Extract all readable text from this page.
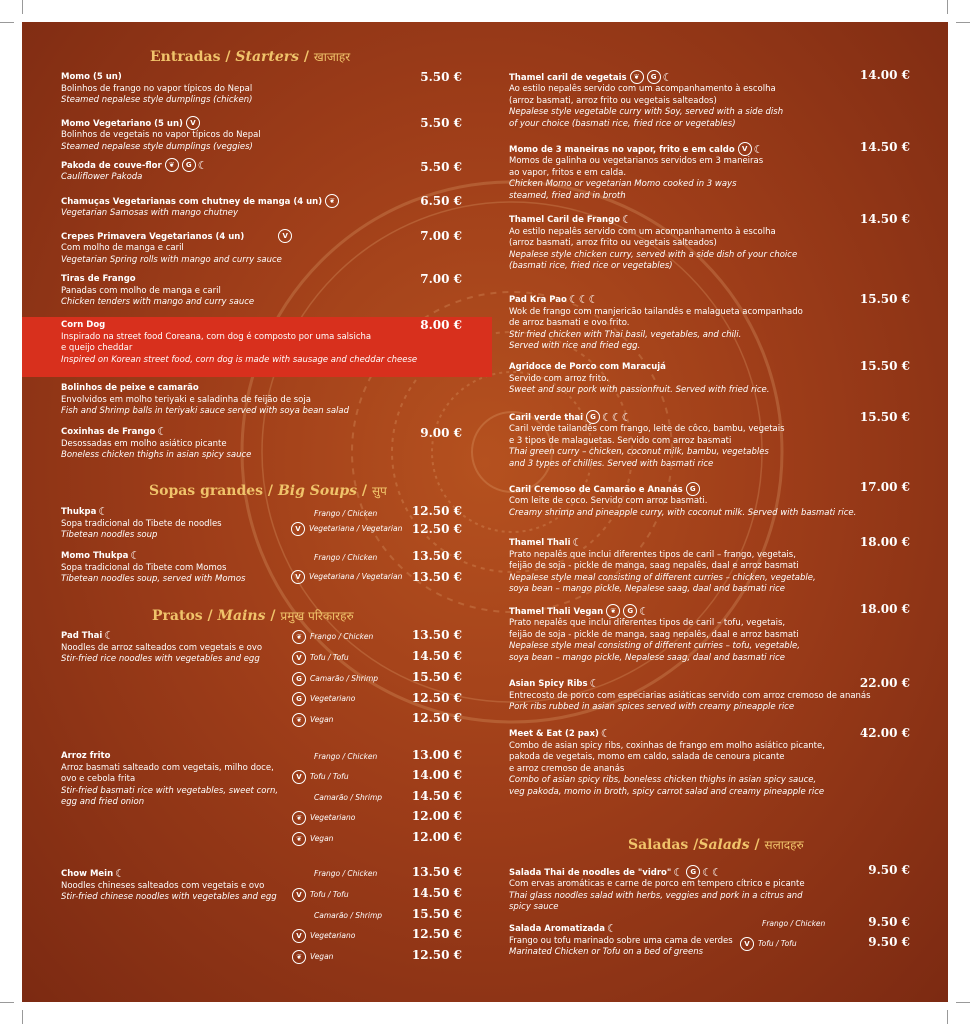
Entradas / Starters / खाजाहर
Momo (5 un)
Bolinhos de frango no vapor típicos do Nepal
Steamed nepalese style dumplings (chicken)
5.50 €
Momo Vegetariano (5 un) V
Bolinhos de vegetais no vapor típicos do Nepal
Steamed nepalese style dumplings (veggies)
5.50 €
Pakoda de couve-flor ❦ G ☾
Cauliflower Pakoda
5.50 €
Chamuças Vegetarianas com chutney de manga (4 un) ❦
Vegetarian Samosas with mango chutney
6.50 €
Crepes Primavera Vegetarianos (4 un)	V
Com molho de manga e caril
Vegetarian Spring rolls with mango and curry sauce
7.00 €
Tiras de Frango
Panadas com molho de manga e caril
Chicken tenders with mango and curry sauce
7.00 €
Corn Dog
Inspirado na street food Coreana, corn dog é composto por uma salsicha
e queijo cheddar
Inspired on Korean street food, corn dog is made with sausage and cheddar cheese
8.00 €
Bolinhos de peixe e camarão
Envolvidos em molho teriyaki e saladinha de feijão de soja
Fish and Shrimp balls in teriyaki sauce served with soya bean salad
Coxinhas de Frango ☾
Desossadas em molho asiático picante
Boneless chicken thighs in asian spicy sauce
9.00 €
Sopas grandes / Big Soups / सुप
Thukpa ☾
Sopa tradicional do Tibete de noodles
Tibetean noodles soup
Frango / Chicken	12.50 €
V Vegetariana / Vegetarian 12.50 €
Momo Thukpa ☾
Sopa tradicional do Tibete com Momos
Tibetean noodles soup, served with Momos
Frango / Chicken	13.50 €
V Vegetariana / Vegetarian 13.50 €
Pratos / Mains / प्रमुख परिकारहरु
Pad Thai ☾
Noodles de arroz salteados com vegetais e ovo
Stir-fried rice noodles with vegetables and egg
❦ Frango / Chicken	13.50 €
V Tofu / Tofu	14.50 €
G Camarão / Shrimp	15.50 €
G Vegetariano	12.50 €
❦ Vegan	12.50 €
Arroz frito
Arroz basmati salteado com vegetais, milho doce,
ovo e cebola frita
Stir-fried basmati rice with vegetables, sweet corn,
egg and fried onion
Frango / Chicken	13.00 €
V Tofu / Tofu	14.00 €
Camarão / Shrimp 14.50 €
❦ Vegetariano	12.00 €
❦ Vegan	12.00 €
Chow Mein ☾
Noodles chineses salteados com vegetais e ovo
Stir-fried chinese noodles with vegetables and egg
Frango / Chicken	13.50 €
V Tofu / Tofu	14.50 €
Camarão / Shrimp 15.50 €
V Vegetariano	12.50 €
❦ Vegan	12.50 €
Thamel caril de vegetais ❦ G ☾
Ao estilo nepalês servido com um acompanhamento à escolha
(arroz basmati, arroz frito ou vegetais salteados)
Nepalese style vegetable curry with Soy, served with a side dish
of your choice (basmati rice, fried rice or vegetables)
14.00 €
Momo de 3 maneiras no vapor, frito e em caldo V ☾
Momos de galinha ou vegetarianos servidos em 3 maneiras
ao vapor, fritos e em calda.
Chicken Momo or vegetarian Momo cooked in 3 ways
steamed, fried and in broth
14.50 €
Thamel Caril de Frango ☾
Ao estilo nepalês servido com um acompanhamento à escolha
(arroz basmati, arroz frito ou vegetais salteados)
Nepalese style chicken curry, served with a side dish of your choice
(basmati rice, fried rice or vegetables)
14.50 €
Pad Kra Pao ☾☾☾
Wok de frango com manjericão tailandês e malagueta acompanhado
de arroz basmati e ovo frito.
Stir fried chicken with Thai basil, vegetables, and chili.
Served with rice and fried egg.
15.50 €
Agridoce de Porco com Maracujá
Servido com arroz frito.
Sweet and sour pork with passionfruit. Served with fried rice.
15.50 €
Caril verde thai G ☾☾☾
Caril verde tailandês com frango, leite de côco, bambu, vegetais
e 3 tipos de malaguetas. Servido com arroz basmati
Thai green curry – chicken, coconut milk, bambu, vegetables
and 3 types of chillies. Served with basmati rice
15.50 €
Caril Cremoso de Camarão e Ananás G
Com leite de coco. Servido com arroz basmati.
Creamy shrimp and pineapple curry, with coconut milk. Served with basmati rice.
17.00 €
Thamel Thali ☾
Prato nepalês que inclui diferentes tipos de caril – frango, vegetais,
feijão de soja - pickle de manga, saag nepalês, daal e arroz basmati
Nepalese style meal consisting of different curries – chicken, vegetable,
soya bean – mango pickle, Nepalese saag, daal and basmati rice
18.00 €
Thamel Thali Vegan ❦ G ☾
Prato nepalês que inclui diferentes tipos de caril – tofu, vegetais,
feijão de soja - pickle de manga, saag nepalês, daal e arroz basmati
Nepalese style meal consisting of different curries – tofu, vegetable,
soya bean – mango pickle, Nepalese saag, daal and basmati rice
18.00 €
Asian Spicy Ribs ☾
Entrecosto de porco com especiarias asiáticas servido com arroz cremoso de ananás
Pork ribs rubbed in asian spices served with creamy pineapple rice
22.00 €
Meet & Eat (2 pax) ☾
Combo de asian spicy ribs, coxinhas de frango em molho asiático picante,
pakoda de vegetais, momo em caldo, salada de cenoura picante
e arroz cremoso de ananás
Combo of asian spicy ribs, boneless chicken thighs in asian spicy sauce,
veg pakoda, momo in broth, spicy carrot salad and creamy pineapple rice
42.00 €
Saladas /Salads / सलादहरु
Salada Thai de noodles de "vidro" ☾ G ☾☾
Com ervas aromáticas e carne de porco em tempero cítrico e picante
Thai glass noodles salad with herbs, veggies and pork in a citrus and
spicy sauce
9.50 €
Salada Aromatizada ☾
Frango ou tofu marinado sobre uma cama de verdes
Marinated Chicken or Tofu on a bed of greens
Frango / Chicken	9.50 €
V Tofu / Tofu	9.50 €
